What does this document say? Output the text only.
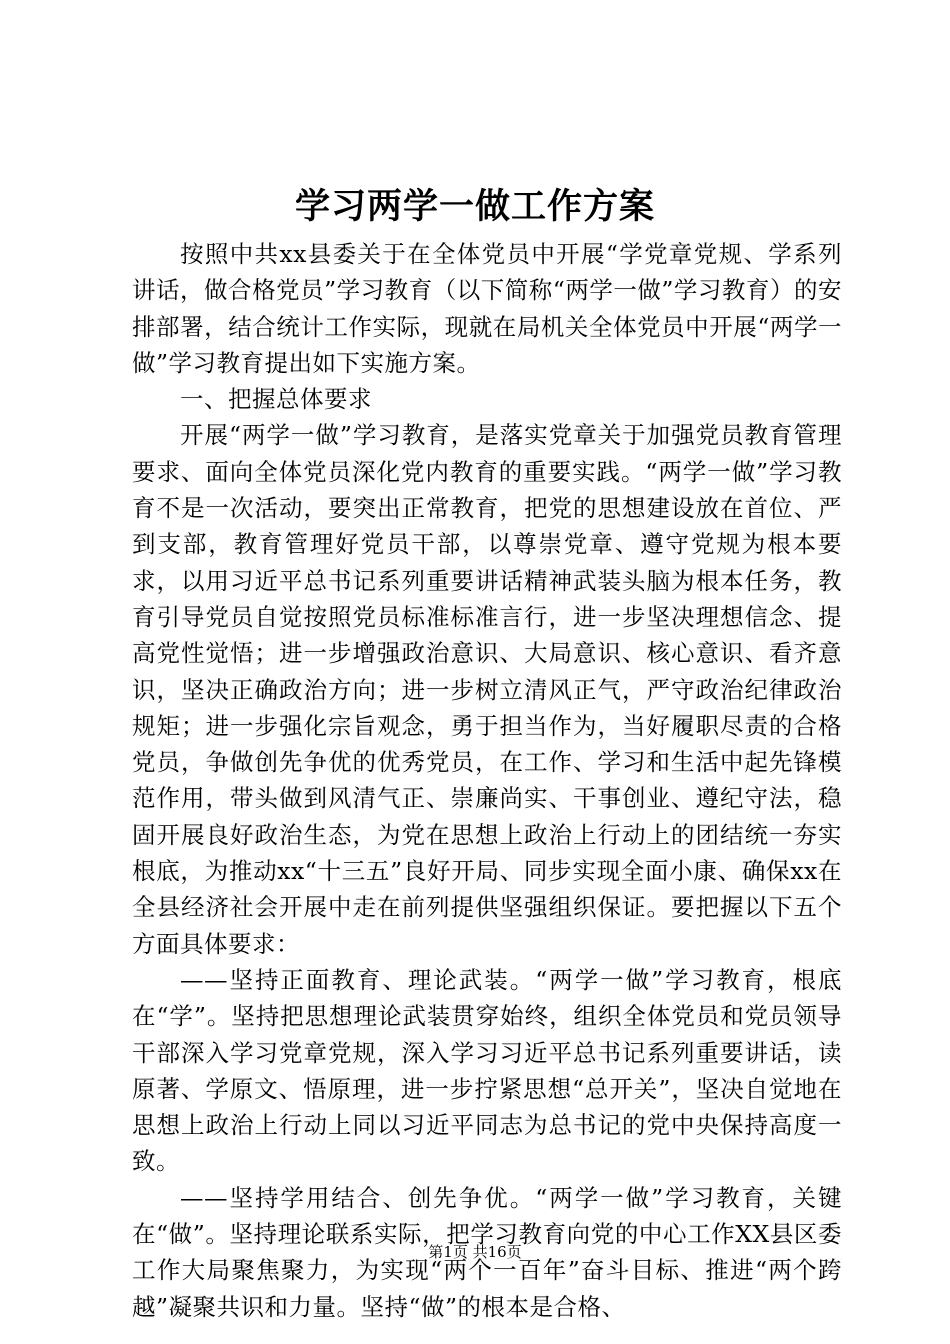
学习两学一做工作方案

按照中共xx县委关于在全体党员中开展“学党章党规、学系列讲话，做合格党员”学习教育（以下简称“两学一做”学习教育）的安排部署，结合统计工作实际，现就在局机关全体党员中开展“两学一做”学习教育提出如下实施方案。

一、把握总体要求

开展“两学一做”学习教育，是落实党章关于加强党员教育管理要求、面向全体党员深化党内教育的重要实践。“两学一做”学习教育不是一次活动，要突出正常教育，把党的思想建设放在首位、严到支部，教育管理好党员干部，以尊崇党章、遵守党规为根本要求，以用习近平总书记系列重要讲话精神武装头脑为根本任务，教育引导党员自觉按照党员标准标准言行，进一步坚决理想信念、提高党性觉悟；进一步增强政治意识、大局意识、核心意识、看齐意识，坚决正确政治方向；进一步树立清风正气，严守政治纪律政治规矩；进一步强化宗旨观念，勇于担当作为，当好履职尽责的合格党员，争做创先争优的优秀党员，在工作、学习和生活中起先锋模范作用，带头做到风清气正、崇廉尚实、干事创业、遵纪守法，稳固开展良好政治生态，为党在思想上政治上行动上的团结统一夯实根底，为推动xx“十三五”良好开局、同步实现全面小康、确保xx在全县经济社会开展中走在前列提供坚强组织保证。要把握以下五个方面具体要求：

——坚持正面教育、理论武装。“两学一做”学习教育，根底在“学”。坚持把思想理论武装贯穿始终，组织全体党员和党员领导干部深入学习党章党规，深入学习习近平总书记系列重要讲话，读原著、学原文、悟原理，进一步拧紧思想“总开关”，坚决自觉地在思想上政治上行动上同以习近平同志为总书记的党中央保持高度一致。

——坚持学用结合、创先争优。“两学一做”学习教育，关键在“做”。坚持理论联系实际，把学习教育向党的中心工作XX县区委工作大局聚焦聚力，为实现“两个一百年”奋斗目标、推进“两个跨越”凝聚共识和力量。坚持“做”的根本是合格、

第1页 共16页
